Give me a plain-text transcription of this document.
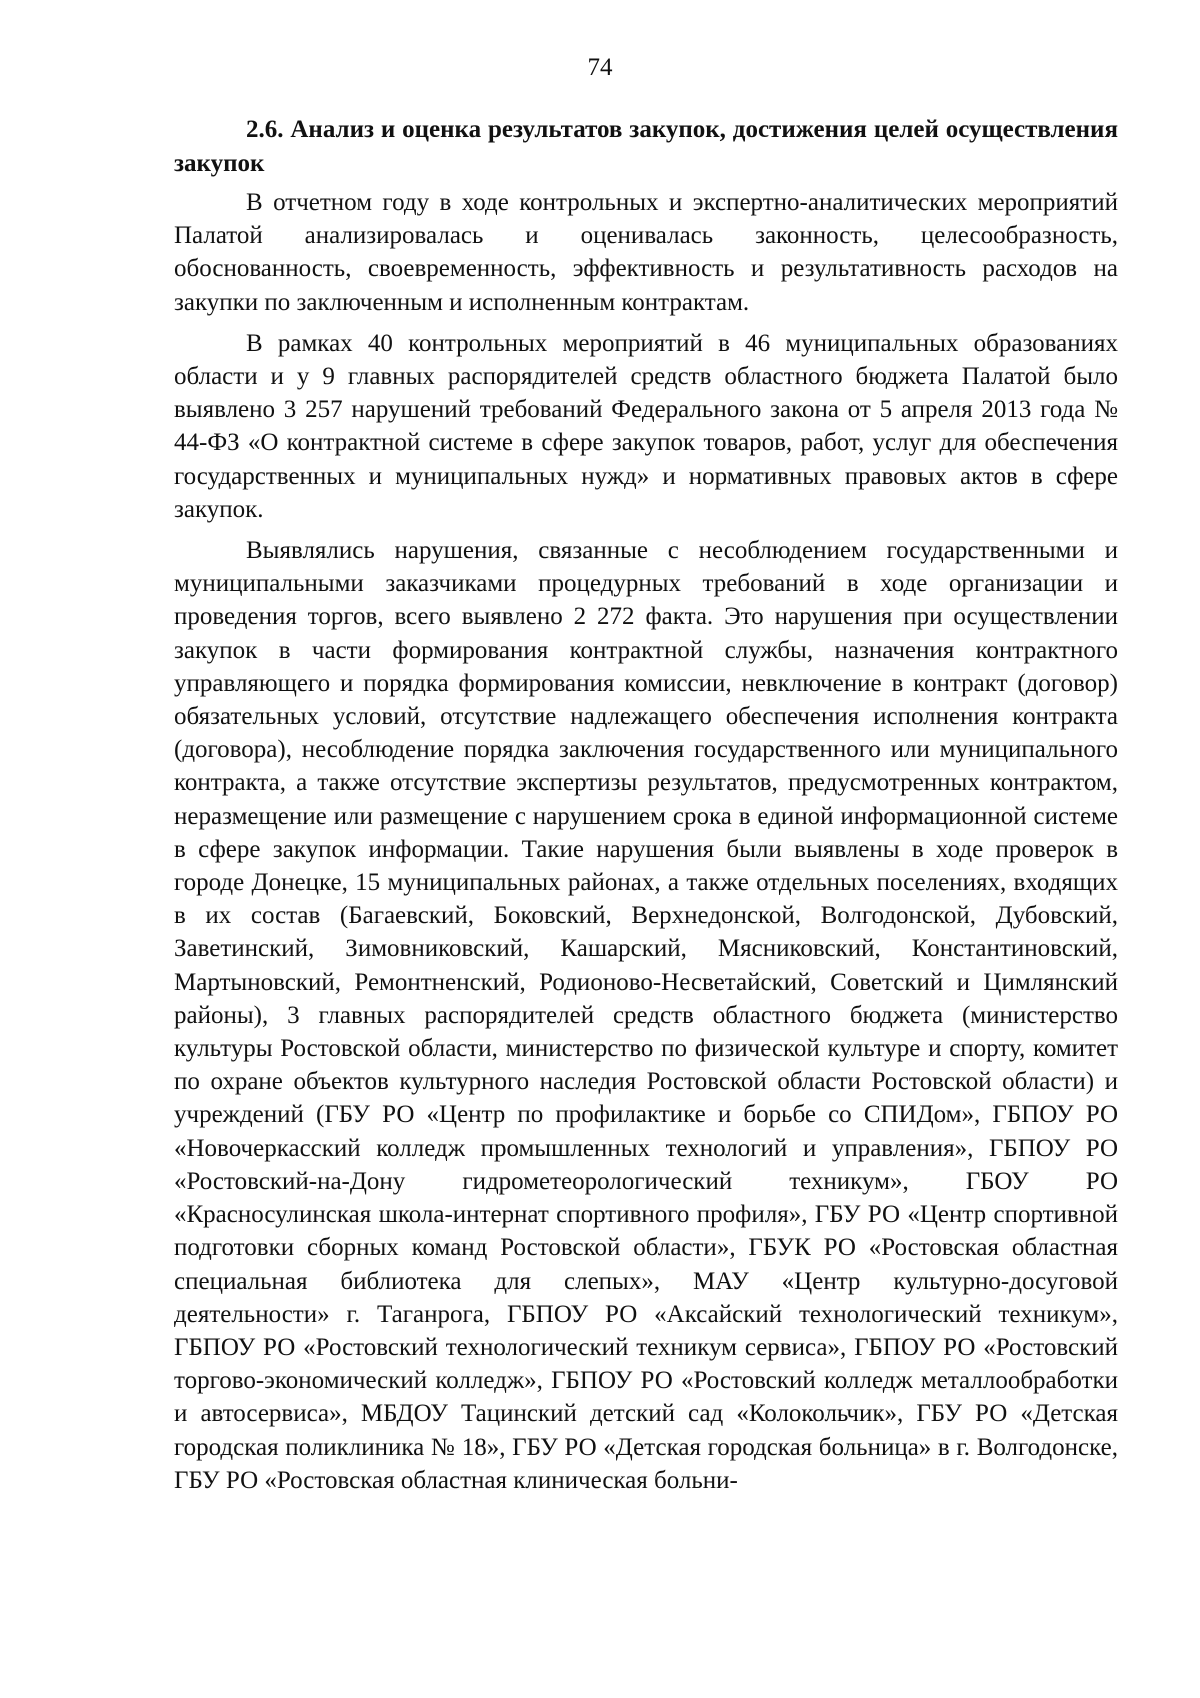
74

2.6. Анализ и оценка результатов закупок, достижения целей осуществления закупок

В отчетном году в ходе контрольных и экспертно-аналитических мероприятий Палатой анализировалась и оценивалась законность, целесообразность, обоснованность, своевременность, эффективность и результативность расходов на закупки по заключенным и исполненным контрактам.

В рамках 40 контрольных мероприятий в 46 муниципальных образованиях области и у 9 главных распорядителей средств областного бюджета Палатой было выявлено 3 257 нарушений требований Федерального закона от 5 апреля 2013 года № 44-ФЗ «О контрактной системе в сфере закупок товаров, работ, услуг для обеспечения государственных и муниципальных нужд» и нормативных правовых актов в сфере закупок.

Выявлялись нарушения, связанные с несоблюдением государственными и муниципальными заказчиками процедурных требований в ходе организации и проведения торгов, всего выявлено 2 272 факта. Это нарушения при осуществлении закупок в части формирования контрактной службы, назначения контрактного управляющего и порядка формирования комиссии, невключение в контракт (договор) обязательных условий, отсутствие надлежащего обеспечения исполнения контракта (договора), несоблюдение порядка заключения государственного или муниципального контракта, а также отсутствие экспертизы результатов, предусмотренных контрактом, неразмещение или размещение с нарушением срока в единой информационной системе в сфере закупок информации. Такие нарушения были выявлены в ходе проверок в городе Донецке, 15 муниципальных районах, а также отдельных поселениях, входящих в их состав (Багаевский, Боковский, Верхнедонской, Волгодонской, Дубовский, Заветинский, Зимовниковский, Кашарский, Мясниковский, Константиновский, Мартыновский, Ремонтненский, Родионово-Несветайский, Советский и Цимлянский районы), 3 главных распорядителей средств областного бюджета (министерство культуры Ростовской области, министерство по физической культуре и спорту, комитет по охране объектов культурного наследия Ростовской области Ростовской области) и учреждений (ГБУ РО «Центр по профилактике и борьбе со СПИДом», ГБПОУ РО «Новочеркасский колледж промышленных технологий и управления», ГБПОУ РО «Ростовский-на-Дону гидрометеорологический техникум», ГБОУ РО «Красносулинская школа-интернат спортивного профиля», ГБУ РО «Центр спортивной подготовки сборных команд Ростовской области», ГБУК РО «Ростовская областная специальная библиотека для слепых», МАУ «Центр культурно-досуговой деятельности» г. Таганрога, ГБПОУ РО «Аксайский технологический техникум», ГБПОУ РО «Ростовский технологический техникум сервиса», ГБПОУ РО «Ростовский торгово-экономический колледж», ГБПОУ РО «Ростовский колледж металлообработки и автосервиса», МБДОУ Тацинский детский сад «Колокольчик», ГБУ РО «Детская городская поликлиника № 18», ГБУ РО «Детская городская больница» в г. Волгодонске, ГБУ РО «Ростовская областная клиническая больни-
